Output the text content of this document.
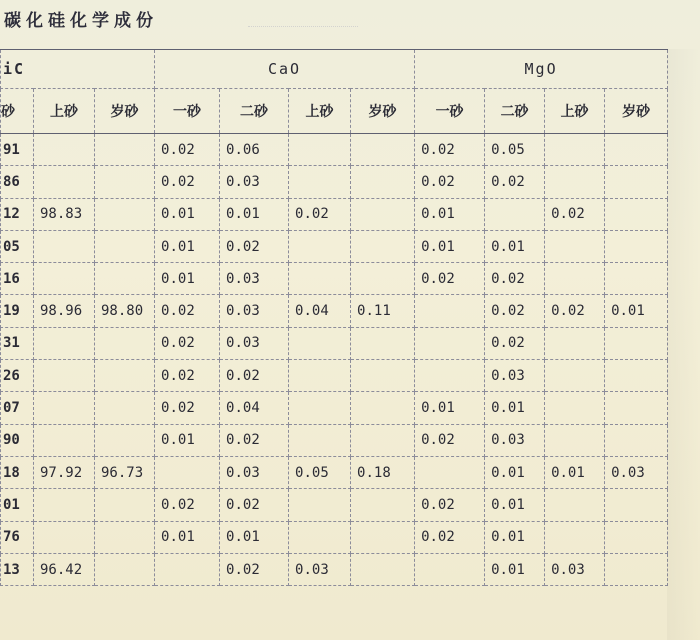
碳化硅化学成份
iC			CaO				MgO			
砂	上砂	岁砂	一砂	二砂	上砂	岁砂	一砂	二砂	上砂	岁砂
91			0.02	0.06			0.02	0.05		
86			0.02	0.03			0.02	0.02		
12	98.83		0.01	0.01	0.02		0.01		0.02	
05			0.01	0.02			0.01	0.01		
16			0.01	0.03			0.02	0.02		
19	98.96	98.80	0.02	0.03	0.04	0.11		0.02	0.02	0.01
31			0.02	0.03				0.02		
26			0.02	0.02				0.03		
07			0.02	0.04			0.01	0.01		
90			0.01	0.02			0.02	0.03		
18	97.92	96.73		0.03	0.05	0.18		0.01	0.01	0.03
01			0.02	0.02			0.02	0.01		
76			0.01	0.01			0.02	0.01		
13	96.42			0.02	0.03			0.01	0.03	
